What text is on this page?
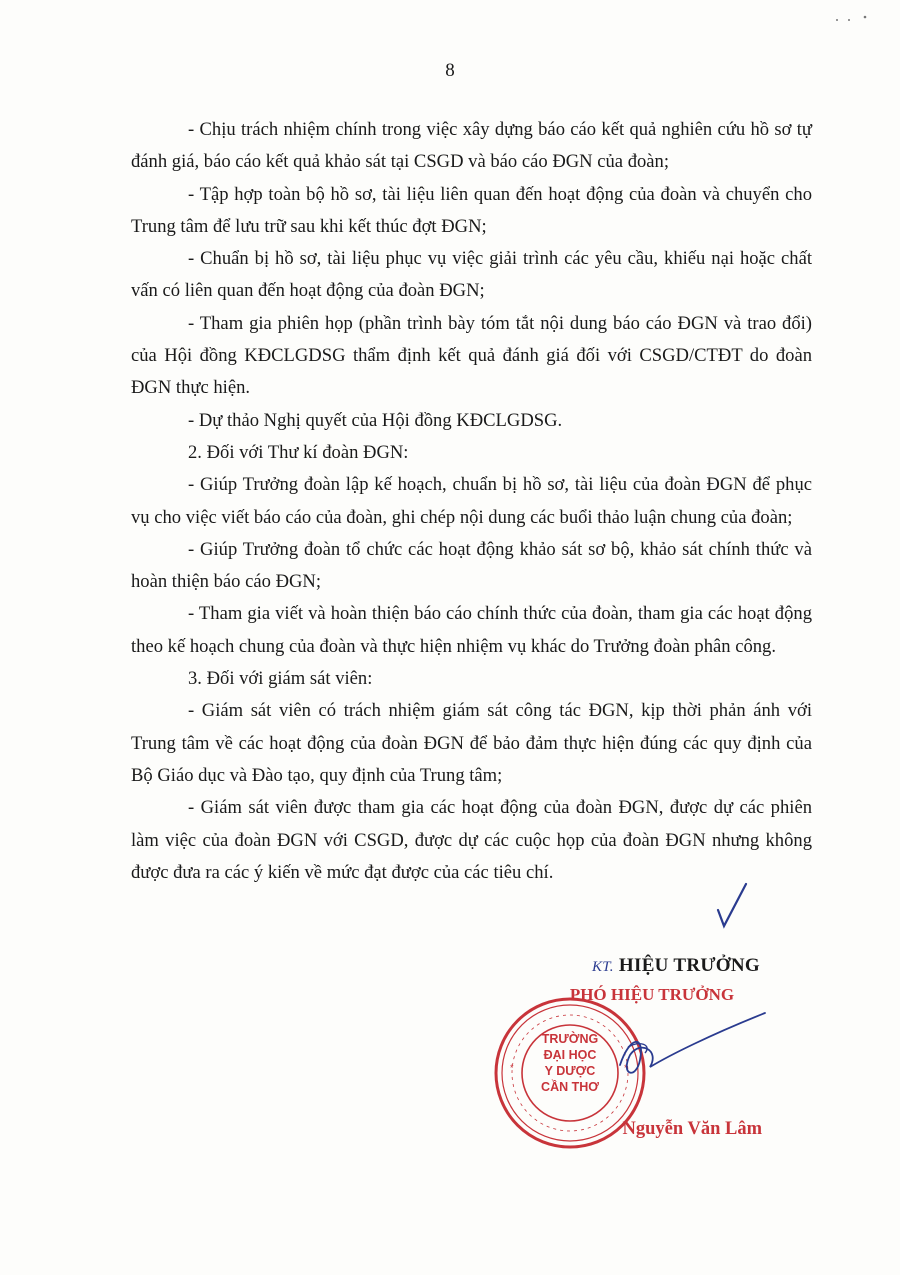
8

- Chịu trách nhiệm chính trong việc xây dựng báo cáo kết quả nghiên cứu hồ sơ tự đánh giá, báo cáo kết quả khảo sát tại CSGD và báo cáo ĐGN của đoàn;

- Tập hợp toàn bộ hồ sơ, tài liệu liên quan đến hoạt động của đoàn và chuyển cho Trung tâm để lưu trữ sau khi kết thúc đợt ĐGN;

- Chuẩn bị hồ sơ, tài liệu phục vụ việc giải trình các yêu cầu, khiếu nại hoặc chất vấn có liên quan đến hoạt động của đoàn ĐGN;

- Tham gia phiên họp (phần trình bày tóm tắt nội dung báo cáo ĐGN và trao đổi) của Hội đồng KĐCLGDSG thẩm định kết quả đánh giá đối với CSGD/CTĐT do đoàn ĐGN thực hiện.

- Dự thảo Nghị quyết của Hội đồng KĐCLGDSG.

2. Đối với Thư kí đoàn ĐGN:

- Giúp Trưởng đoàn lập kế hoạch, chuẩn bị hồ sơ, tài liệu của đoàn ĐGN để phục vụ cho việc viết báo cáo của đoàn, ghi chép nội dung các buổi thảo luận chung của đoàn;

- Giúp Trưởng đoàn tổ chức các hoạt động khảo sát sơ bộ, khảo sát chính thức và hoàn thiện báo cáo ĐGN;

- Tham gia viết và hoàn thiện báo cáo chính thức của đoàn, tham gia các hoạt động theo kế hoạch chung của đoàn và thực hiện nhiệm vụ khác do Trưởng đoàn phân công.

3. Đối với giám sát viên:

- Giám sát viên có trách nhiệm giám sát công tác ĐGN, kịp thời phản ánh với Trung tâm về các hoạt động của đoàn ĐGN để bảo đảm thực hiện đúng các quy định của Bộ Giáo dục và Đào tạo, quy định của Trung tâm;

- Giám sát viên được tham gia các hoạt động của đoàn ĐGN, được dự các phiên làm việc của đoàn ĐGN với CSGD, được dự các cuộc họp của đoàn ĐGN nhưng không được đưa ra các ý kiến về mức đạt được của các tiêu chí.

KT. HIỆU TRƯỞNG
PHÓ HIỆU TRƯỞNG
*	*
TRƯỜNG
ĐẠI HỌC
Y DƯỢC
CẦN THƠ
Nguyễn Văn Lâm
